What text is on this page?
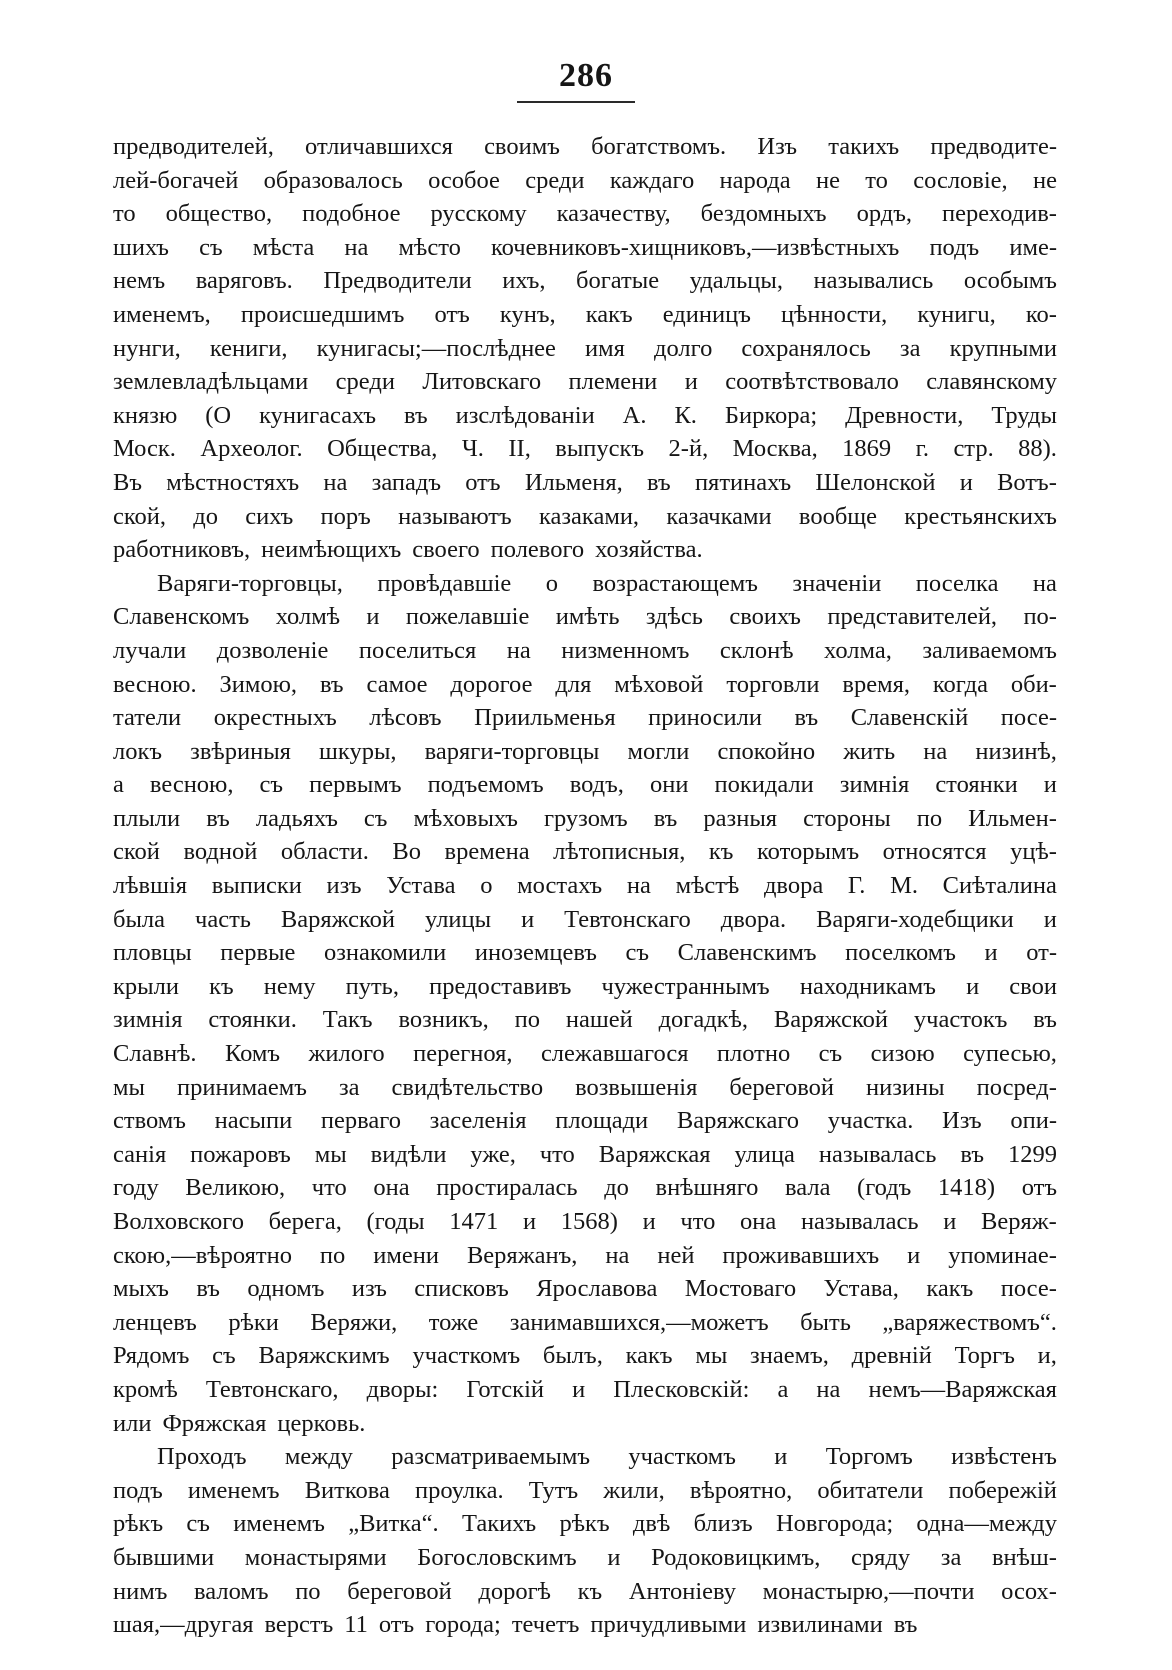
286
предводителей, отличавшихся своимъ богатствомъ. Изъ такихъ предводите-
лей-богачей образовалось особое среди каждаго народа не то сословіе, не
то общество, подобное русскому казачеству, бездомныхъ ордъ, переходив-
шихъ съ мѣста на мѣсто кочевниковъ-хищниковъ,—извѣстныхъ подъ име-
немъ варяговъ. Предводители ихъ, богатые удальцы, назывались особымъ
именемъ, происшедшимъ отъ кунъ, какъ единицъ цѣнности, кунигu, ко-
нунги, кениги, кунигасы;—послѣднее имя долго сохранялось за крупными
землевладѣльцами среди Литовскаго племени и соотвѣтствовало славянскому
князю (О кунигасахъ въ изслѣдованіи А. К. Биркора; Древности, Труды
Моск. Археолог. Общества, Ч. II, выпускъ 2-й, Москва, 1869 г. стр. 88).
Въ мѣстностяхъ на западъ отъ Ильменя, въ пятинахъ Шелонской и Вотъ-
ской, до сихъ поръ называютъ казаками, казачками вообще крестьянскихъ
работниковъ, неимѣющихъ своего полевого хозяйства.
Варяги-торговцы, провѣдавшіе о возрастающемъ значеніи поселка на
Славенскомъ холмѣ и пожелавшіе имѣть здѣсь своихъ представителей, по-
лучали дозволеніе поселиться на низменномъ склонѣ холма, заливаемомъ
весною. Зимою, въ самое дорогое для мѣховой торговли время, когда оби-
татели окрестныхъ лѣсовъ Приильменья приносили въ Славенскій посе-
локъ звѣриныя шкуры, варяги-торговцы могли спокойно жить на низинѣ,
а весною, съ первымъ подъемомъ водъ, они покидали зимнія стоянки и
плыли въ ладьяхъ съ мѣховыхъ грузомъ въ разныя стороны по Ильмен-
ской водной области. Во времена лѣтописныя, къ которымъ относятся уцѣ-
лѣвшія выписки изъ Устава о мостахъ на мѣстѣ двора Г. М. Сиѣталина
была часть Варяжской улицы и Тевтонскаго двора. Варяги-ходебщики и
пловцы первые ознакомили иноземцевъ съ Славенскимъ поселкомъ и от-
крыли къ нему путь, предоставивъ чужестраннымъ находникамъ и свои
зимнія стоянки. Такъ возникъ, по нашей догадкѣ, Варяжской участокъ въ
Славнѣ. Комъ жилого перегноя, слежавшагося плотно съ сизою супесью,
мы принимаемъ за свидѣтельство возвышенія береговой низины посред-
ствомъ насыпи перваго заселенія площади Варяжскаго участка. Изъ опи-
санія пожаровъ мы видѣли уже, что Варяжская улица называлась въ 1299
году Великою, что она простиралась до внѣшняго вала (годъ 1418) отъ
Волховского берега, (годы 1471 и 1568) и что она называлась и Веряж-
скою,—вѣроятно по имени Веряжанъ, на ней проживавшихъ и упоминае-
мыхъ въ одномъ изъ списковъ Ярославова Мостоваго Устава, какъ посе-
ленцевъ рѣки Веряжи, тоже занимавшихся,—можетъ быть „варяжествомъ“.
Рядомъ съ Варяжскимъ участкомъ былъ, какъ мы знаемъ, древній Торгъ и,
кромѣ Тевтонскаго, дворы: Готскій и Плесковскій: а на немъ—Варяжская
или Фряжская церковь.
Проходъ между разсматриваемымъ участкомъ и Торгомъ извѣстенъ
подъ именемъ Виткова проулка. Тутъ жили, вѣроятно, обитатели побережій
рѣкъ съ именемъ „Витка“. Такихъ рѣкъ двѣ близъ Новгорода; одна—между
бывшими монастырями Богословскимъ и Родоковицкимъ, сряду за внѣш-
нимъ валомъ по береговой дорогѣ къ Антоніеву монастырю,—почти осох-
шая,—другая верстъ 11 отъ города; течетъ причудливыми извилинами въ
